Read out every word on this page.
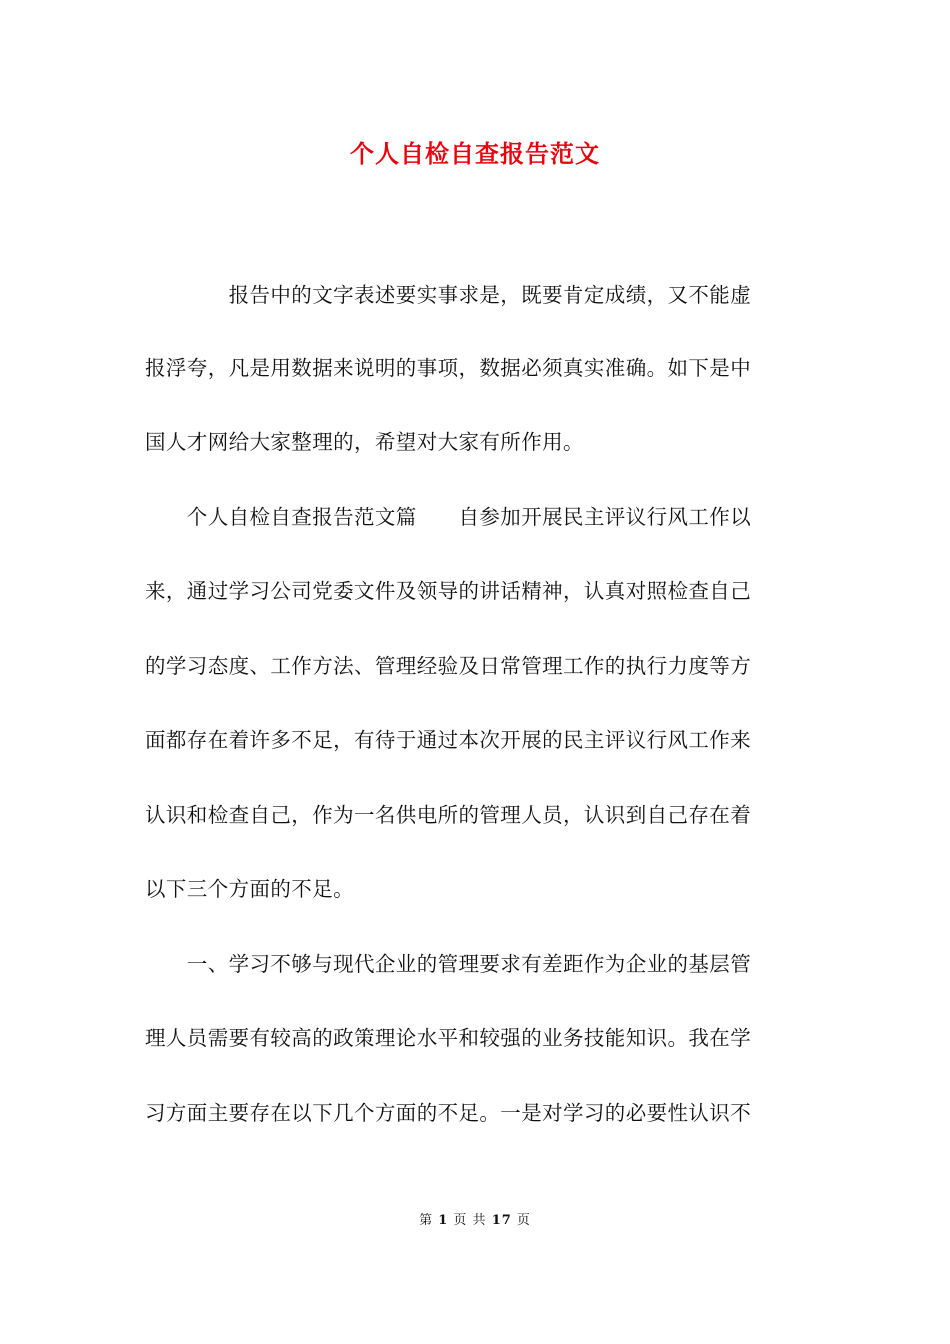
个人自检自查报告范文

　　　　报告中的文字表述要实事求是，既要肯定成绩，又不能虚

报浮夸，凡是用数据来说明的事项，数据必须真实准确。如下是中

国人才网给大家整理的，希望对大家有所作用。

　　个人自检自查报告范文篇　　自参加开展民主评议行风工作以

来，通过学习公司党委文件及领导的讲话精神，认真对照检查自己

的学习态度、工作方法、管理经验及日常管理工作的执行力度等方

面都存在着许多不足，有待于通过本次开展的民主评议行风工作来

认识和检查自己，作为一名供电所的管理人员，认识到自己存在着

以下三个方面的不足。

　　一、学习不够与现代企业的管理要求有差距作为企业的基层管

理人员需要有较高的政策理论水平和较强的业务技能知识。我在学

习方面主要存在以下几个方面的不足。一是对学习的必要性认识不

第 1 页 共 17 页
